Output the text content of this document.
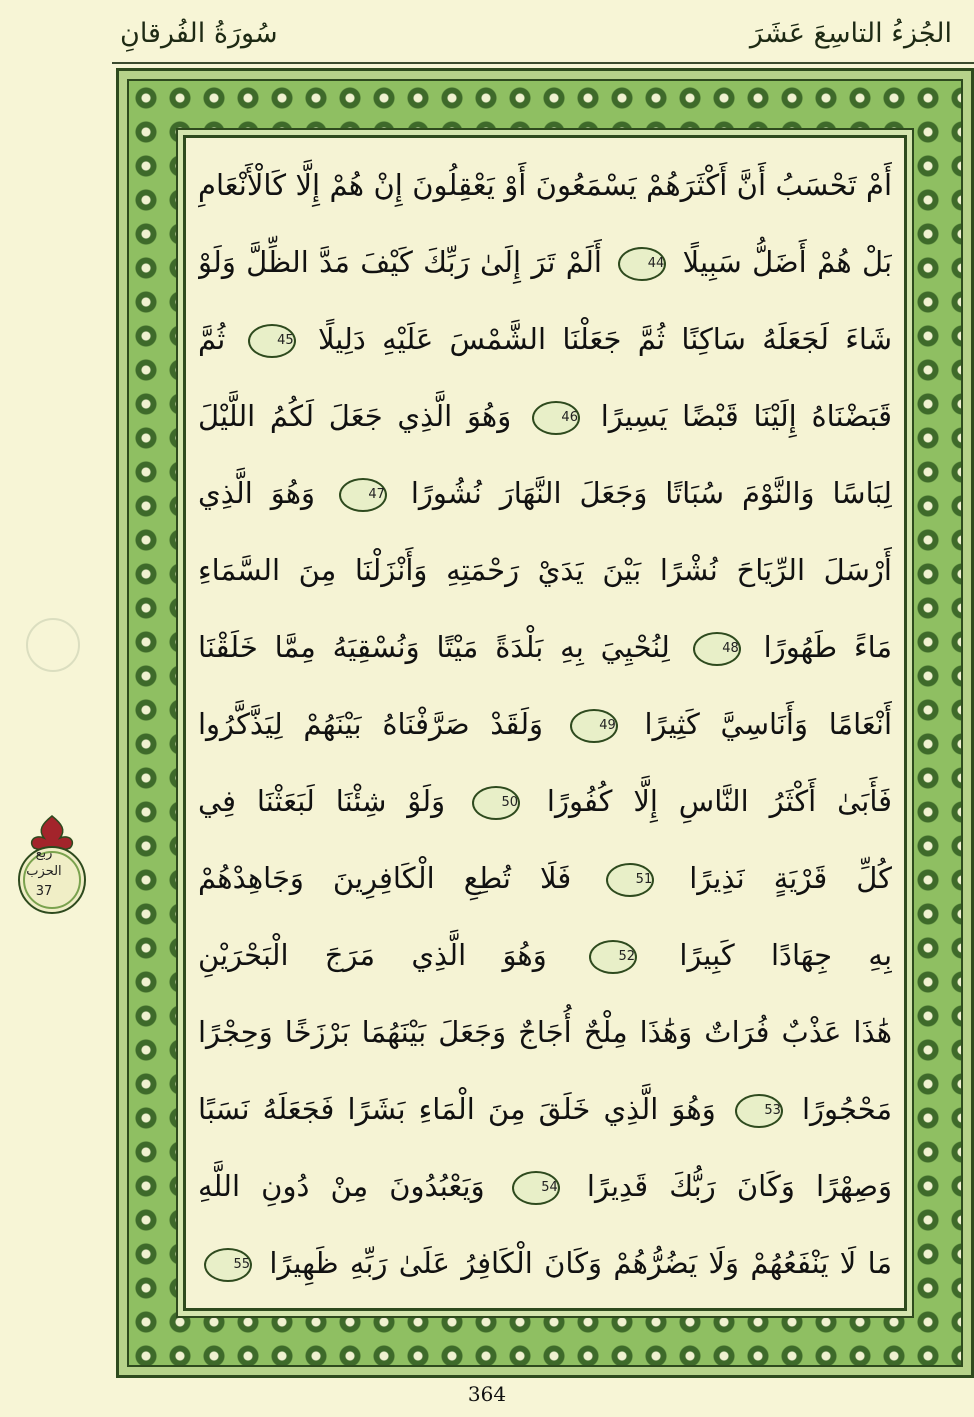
سُورَةُ الفُرقانِ	الجُزءُ التاسِعَ عَشَرَ
ربع
الحزب
37
أَمْ تَحْسَبُ أَنَّ أَكْثَرَهُمْ يَسْمَعُونَ أَوْ يَعْقِلُونَ إِنْ هُمْ إِلَّا كَالْأَنْعَامِ
بَلْ هُمْ أَضَلُّ سَبِيلًا 44 أَلَمْ تَرَ إِلَىٰ رَبِّكَ كَيْفَ مَدَّ الظِّلَّ وَلَوْ
شَاءَ لَجَعَلَهُ سَاكِنًا ثُمَّ جَعَلْنَا الشَّمْسَ عَلَيْهِ دَلِيلًا 45 ثُمَّ
قَبَضْنَاهُ إِلَيْنَا قَبْضًا يَسِيرًا 46 وَهُوَ الَّذِي جَعَلَ لَكُمُ اللَّيْلَ
لِبَاسًا وَالنَّوْمَ سُبَاتًا وَجَعَلَ النَّهَارَ نُشُورًا 47 وَهُوَ الَّذِي
أَرْسَلَ الرِّيَاحَ نُشْرًا بَيْنَ يَدَيْ رَحْمَتِهِ وَأَنْزَلْنَا مِنَ السَّمَاءِ
مَاءً طَهُورًا 48 لِنُحْيِيَ بِهِ بَلْدَةً مَيْتًا وَنُسْقِيَهُ مِمَّا خَلَقْنَا
أَنْعَامًا وَأَنَاسِيَّ كَثِيرًا 49 وَلَقَدْ صَرَّفْنَاهُ بَيْنَهُمْ لِيَذَّكَّرُوا
فَأَبَىٰ أَكْثَرُ النَّاسِ إِلَّا كُفُورًا 50 وَلَوْ شِئْنَا لَبَعَثْنَا فِي
كُلِّ قَرْيَةٍ نَذِيرًا 51 فَلَا تُطِعِ الْكَافِرِينَ وَجَاهِدْهُمْ
بِهِ جِهَادًا كَبِيرًا 52 وَهُوَ الَّذِي مَرَجَ الْبَحْرَيْنِ
هَٰذَا عَذْبٌ فُرَاتٌ وَهَٰذَا مِلْحٌ أُجَاجٌ وَجَعَلَ بَيْنَهُمَا بَرْزَخًا وَحِجْرًا
مَحْجُورًا 53 وَهُوَ الَّذِي خَلَقَ مِنَ الْمَاءِ بَشَرًا فَجَعَلَهُ نَسَبًا
وَصِهْرًا وَكَانَ رَبُّكَ قَدِيرًا 54 وَيَعْبُدُونَ مِنْ دُونِ اللَّهِ
مَا لَا يَنْفَعُهُمْ وَلَا يَضُرُّهُمْ وَكَانَ الْكَافِرُ عَلَىٰ رَبِّهِ ظَهِيرًا 55
364
